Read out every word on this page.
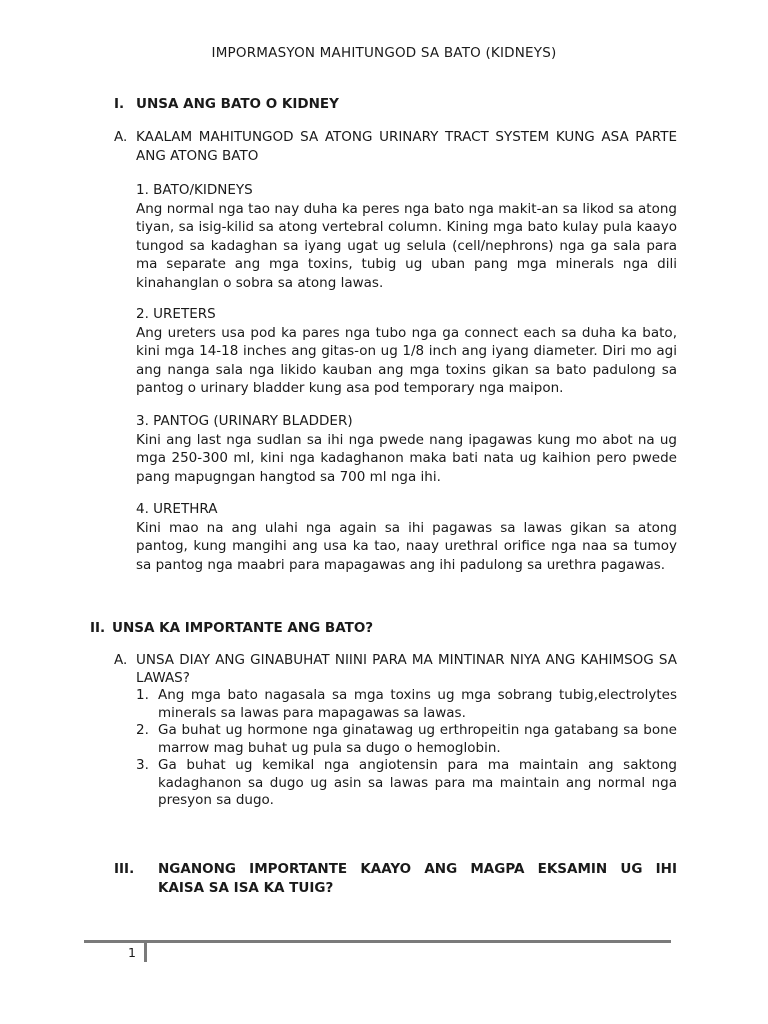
IMPORMASYON MAHITUNGOD SA BATO (KIDNEYS)
I. UNSA ANG BATO O KIDNEY
A. KAALAM MAHITUNGOD SA ATONG URINARY TRACT SYSTEM KUNG ASA PARTE ANG ATONG BATO
1. BATO/KIDNEYS
Ang normal nga tao nay duha ka peres nga bato nga makit-an sa likod sa atong tiyan, sa isig-kilid sa atong vertebral column. Kining mga bato kulay pula kaayo tungod sa kadaghan sa iyang ugat ug selula (cell/nephrons) nga ga sala para ma separate ang mga toxins, tubig ug uban pang mga minerals nga dili kinahanglan o sobra sa atong lawas.
2. URETERS
Ang ureters usa pod ka pares nga tubo nga ga connect each sa duha ka bato, kini mga 14-18 inches ang gitas-on ug 1/8 inch ang iyang diameter. Diri mo agi ang nanga sala nga likido kauban ang mga toxins gikan sa bato padulong sa pantog o urinary bladder kung asa pod temporary nga maipon.
3. PANTOG (URINARY BLADDER)
Kini ang last nga sudlan sa ihi nga pwede nang ipagawas kung mo abot na ug mga 250-300 ml, kini nga kadaghanon maka bati nata ug kaihion pero pwede pang mapugngan hangtod sa 700 ml nga ihi.
4. URETHRA
Kini mao na ang ulahi nga again sa ihi pagawas sa lawas gikan sa atong pantog, kung mangihi ang usa ka tao, naay urethral orifice nga naa sa tumoy sa pantog nga maabri para mapagawas ang ihi padulong sa urethra pagawas.
II. UNSA KA IMPORTANTE ANG BATO?
A. UNSA DIAY ANG GINABUHAT NIINI PARA MA MINTINAR NIYA ANG KAHIMSOG SA LAWAS?
1. Ang mga bato nagasala sa mga toxins ug mga sobrang tubig,electrolytes minerals sa lawas para mapagawas sa lawas.
2. Ga buhat ug hormone nga ginatawag ug erthropeitin nga gatabang sa bone marrow mag buhat ug pula sa dugo o hemoglobin.
3. Ga buhat ug kemikal nga angiotensin para ma maintain ang saktong kadaghanon sa dugo ug asin sa lawas para ma maintain ang normal nga presyon sa dugo.
III. NGANONG IMPORTANTE KAAYO ANG MAGPA EKSAMIN UG IHI
KAISA SA ISA KA TUIG?
1
